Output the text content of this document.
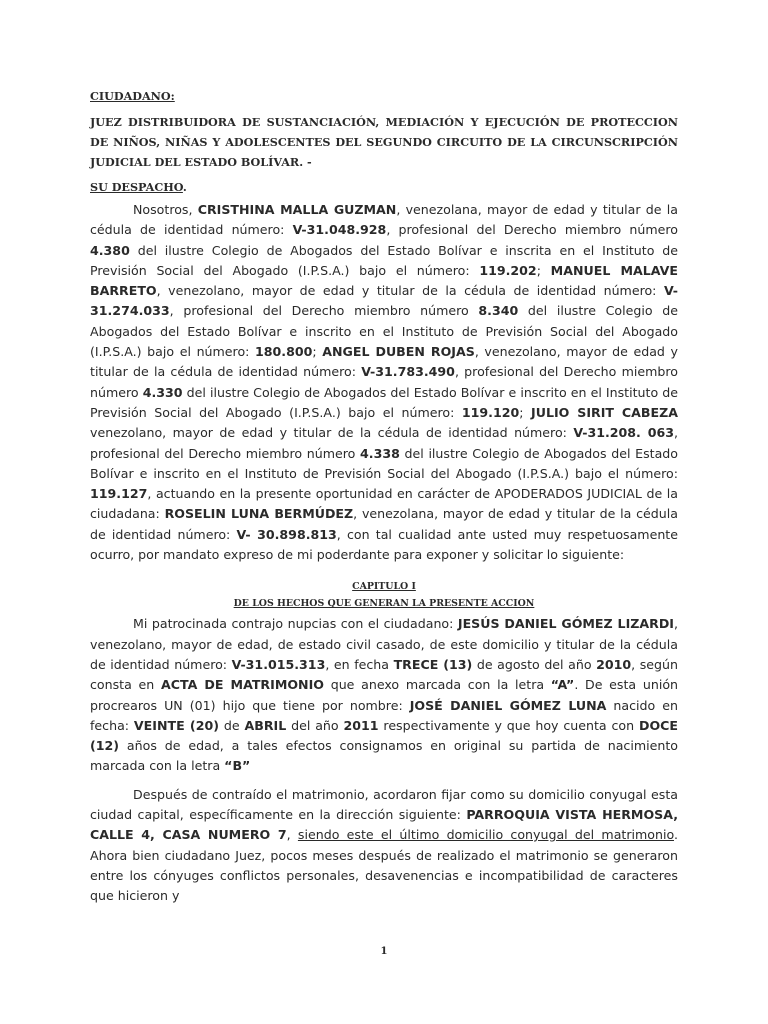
CIUDADANO:
JUEZ DISTRIBUIDORA DE SUSTANCIACIÓN, MEDIACIÓN Y EJECUCIÓN DE PROTECCION DE NIÑOS, NIÑAS Y ADOLESCENTES DEL SEGUNDO CIRCUITO DE LA CIRCUNSCRIPCIÓN JUDICIAL DEL ESTADO BOLÍVAR. -
SU DESPACHO.

Nosotros, CRISTHINA MALLA GUZMAN, venezolana, mayor de edad y titular de la cédula de identidad número: V-31.048.928, profesional del Derecho miembro número 4.380 del ilustre Colegio de Abogados del Estado Bolívar e inscrita en el Instituto de Previsión Social del Abogado (I.P.S.A.) bajo el número: 119.202; MANUEL MALAVE BARRETO, venezolano, mayor de edad y titular de la cédula de identidad número: V-31.274.033, profesional del Derecho miembro número 8.340 del ilustre Colegio de Abogados del Estado Bolívar e inscrito en el Instituto de Previsión Social del Abogado (I.P.S.A.) bajo el número: 180.800; ANGEL DUBEN ROJAS, venezolano, mayor de edad y titular de la cédula de identidad número: V-31.783.490, profesional del Derecho miembro número 4.330 del ilustre Colegio de Abogados del Estado Bolívar e inscrito en el Instituto de Previsión Social del Abogado (I.P.S.A.) bajo el número: 119.120; JULIO SIRIT CABEZA venezolano, mayor de edad y titular de la cédula de identidad número: V-31.208. 063, profesional del Derecho miembro número 4.338 del ilustre Colegio de Abogados del Estado Bolívar e inscrito en el Instituto de Previsión Social del Abogado (I.P.S.A.) bajo el número: 119.127, actuando en la presente oportunidad en carácter de APODERADOS JUDICIAL de la ciudadana: ROSELIN LUNA BERMÚDEZ, venezolana, mayor de edad y titular de la cédula de identidad número: V- 30.898.813, con tal cualidad ante usted muy respetuosamente ocurro, por mandato expreso de mi poderdante para exponer y solicitar lo siguiente:

CAPITULO I
DE LOS HECHOS QUE GENERAN LA PRESENTE ACCION

Mi patrocinada contrajo nupcias con el ciudadano: JESÚS DANIEL GÓMEZ LIZARDI, venezolano, mayor de edad, de estado civil casado, de este domicilio y titular de la cédula de identidad número: V-31.015.313, en fecha TRECE (13) de agosto del año 2010, según consta en ACTA DE MATRIMONIO que anexo marcada con la letra “A”. De esta unión procrearos UN (01) hijo que tiene por nombre: JOSÉ DANIEL GÓMEZ LUNA nacido en fecha: VEINTE (20) de ABRIL del año 2011 respectivamente y que hoy cuenta con DOCE (12) años de edad, a tales efectos consignamos en original su partida de nacimiento marcada con la letra “B”

Después de contraído el matrimonio, acordaron fijar como su domicilio conyugal esta ciudad capital, específicamente en la dirección siguiente: PARROQUIA VISTA HERMOSA, CALLE 4, CASA NUMERO 7, siendo este el último domicilio conyugal del matrimonio. Ahora bien ciudadano Juez, pocos meses después de realizado el matrimonio se generaron entre los cónyuges conflictos personales, desavenencias e incompatibilidad de caracteres que hicieron y

1
